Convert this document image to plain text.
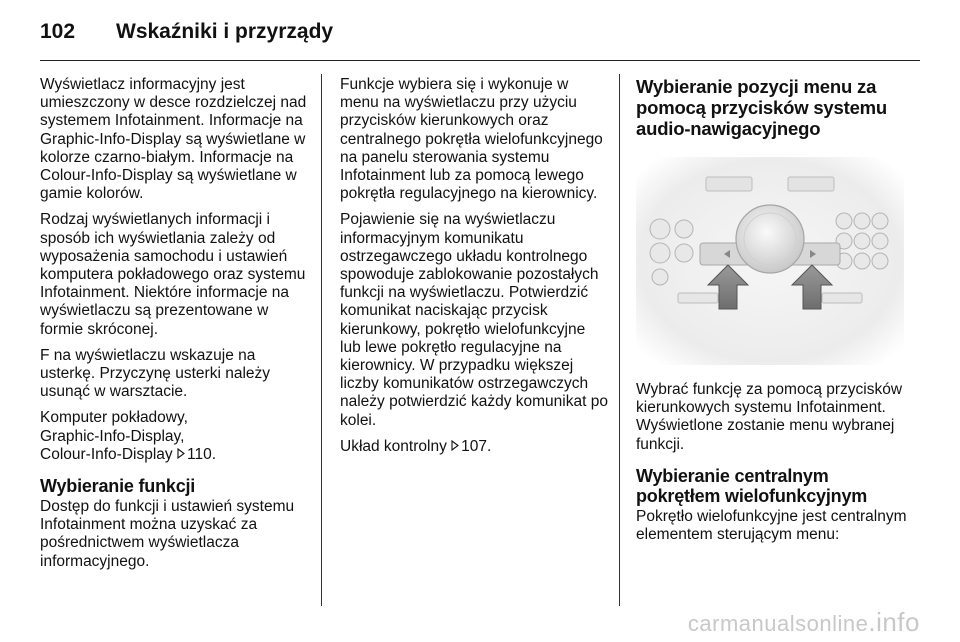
102 Wskaźniki i przyrządy

Wyświetlacz informacyjny jest umieszczony w desce rozdzielczej nad systemem Infotainment. Informacje na Graphic-Info-Display są wyświetlane w kolorze czarno-białym. Informacje na Colour-Info-Display są wyświetlane w gamie kolorów.

Rodzaj wyświetlanych informacji i sposób ich wyświetlania zależy od wyposażenia samochodu i ustawień komputera pokładowego oraz systemu Infotainment. Niektóre informacje na wyświetlaczu są prezentowane w formie skróconej.

F na wyświetlaczu wskazuje na usterkę. Przyczynę usterki należy usunąć w warsztacie.

Komputer pokładowy,
Graphic-Info-Display,
Colour-Info-Display 110.

Wybieranie funkcji

Dostęp do funkcji i ustawień systemu Infotainment można uzyskać za pośrednictwem wyświetlacza informacyjnego.

Funkcje wybiera się i wykonuje w menu na wyświetlaczu przy użyciu przycisków kierunkowych oraz centralnego pokrętła wielofunkcyjnego na panelu sterowania systemu Infotainment lub za pomocą lewego pokrętła regulacyjnego na kierownicy.

Pojawienie się na wyświetlaczu informacyjnym komunikatu ostrzegawczego układu kontrolnego spowoduje zablokowanie pozostałych funkcji na wyświetlaczu. Potwierdzić komunikat naciskając przycisk kierunkowy, pokrętło wielofunkcyjne lub lewe pokrętło regulacyjne na kierownicy. W przypadku większej liczby komunikatów ostrzegawczych należy potwierdzić każdy komunikat po kolei.

Układ kontrolny 107.

Wybieranie pozycji menu za pomocą przycisków systemu audio-nawigacyjnego

Wybrać funkcję za pomocą przycisków kierunkowych systemu Infotainment. Wyświetlone zostanie menu wybranej funkcji.

Wybieranie centralnym pokrętłem wielofunkcyjnym

Pokrętło wielofunkcyjne jest centralnym elementem sterującym menu:

carmanualsonline.info
